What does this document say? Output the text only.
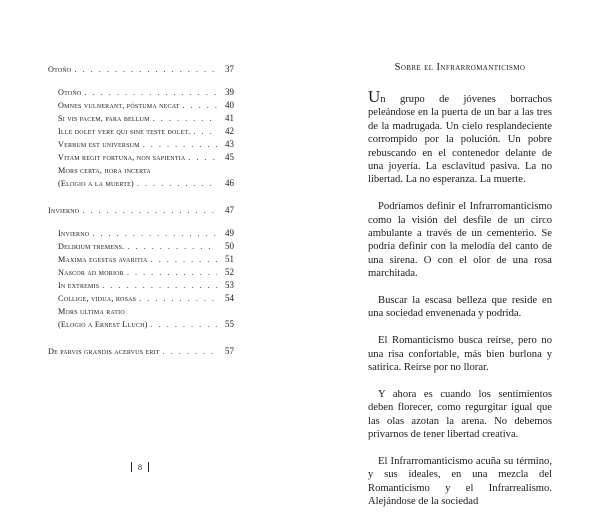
Otoño . . .	37
Otoño . . .	39
Omnes vulnerant, póstuma necat . . .	40
Si vis pacem, para bellum . . .	41
Ille dolet vere qui sine teste dolet. . . .	42
Verbum est universum . . .	43
Vitam regit fortuna, non sapientia . . .	45
Mors certa, hora incerta
(Elogio a la muerte) . . .	46
Invierno . . .	47
Invierno . . .	49
Delirium tremens. . . .	50
Maxima egestas avaritia . . .	51
Nascor ad morior . . .	52
In extremis . . .	53
Collige, vidua, rosas . . .	54
Mors ultima ratio
(Elogio a Ernest Lluch) . . .	55
De parvis grandis acervus erit . . .	57
8
Sobre el Infrarromanticismo

Un grupo de jóvenes borrachos peleándose en la puerta de un bar a las tres de la madrugada. Un cielo resplandeciente corrompido por la polución. Un pobre rebuscando en el contenedor delante de una joyería. La esclavitud pasiva. La no libertad. La no esperanza. La muerte.

Podríamos definir el Infrarromanticismo como la visión del desfile de un circo ambulante a través de un cementerio. Se podría definir con la melodía del canto de una sirena. O con el olor de una rosa marchitada.

Buscar la escasa belleza que reside en una sociedad envenenada y podrida.

El Romanticismo busca reírse, pero no una risa confortable, más bien burlona y satírica. Reírse por no llorar.

Y ahora es cuando los sentimientos deben florecer, como regurgitar igual que las olas azotan la arena. No debemos privarnos de tener libertad creativa.

El Infrarromanticismo acuña su término, y sus ideales, en una mezcla del Romanticismo y el Infrarrealismo. Alejándose de la sociedad
